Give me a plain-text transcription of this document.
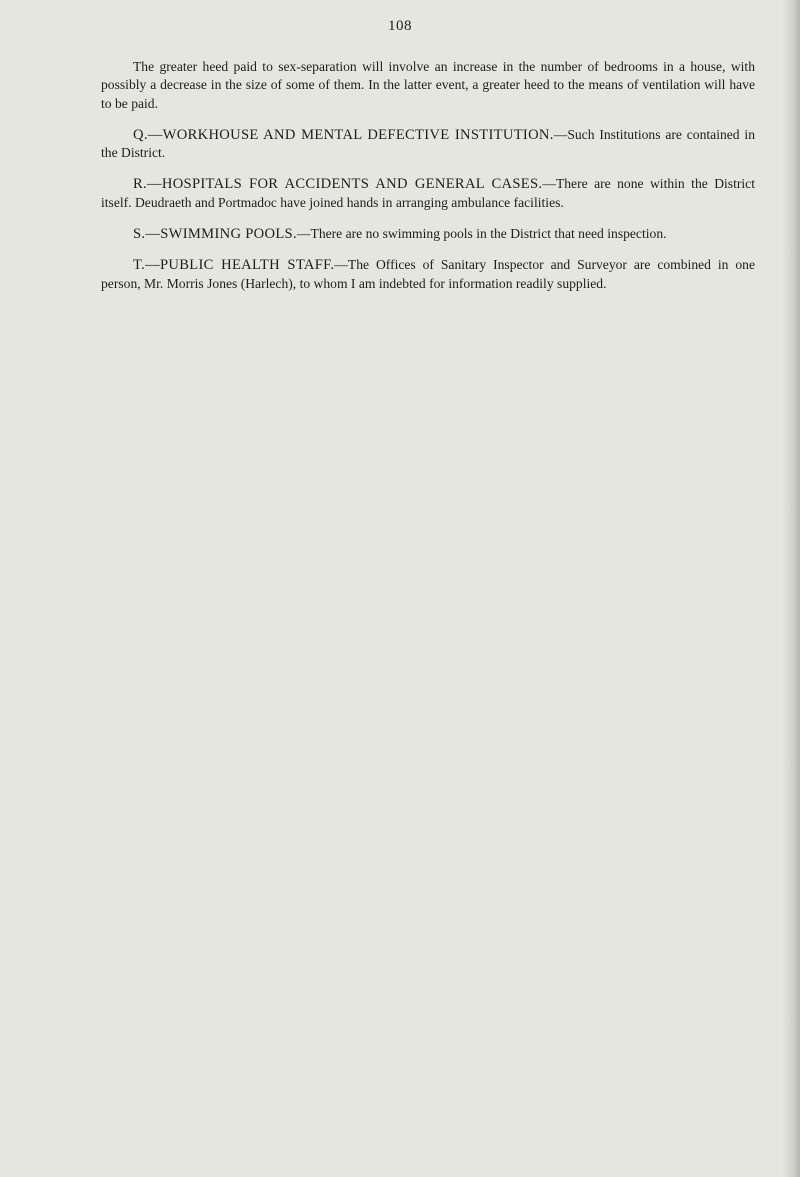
108

The greater heed paid to sex-separation will involve an increase in the number of bedrooms in a house, with possibly a decrease in the size of some of them. In the latter event, a greater heed to the means of ventilation will have to be paid.

Q.—WORKHOUSE AND MENTAL DEFECTIVE INSTITUTION.—Such Institutions are contained in the District.

R.—HOSPITALS FOR ACCIDENTS AND GENERAL CASES.—There are none within the District itself. Deudraeth and Portmadoc have joined hands in arranging ambulance facilities.

S.—SWIMMING POOLS.—There are no swimming pools in the District that need inspection.

T.—PUBLIC HEALTH STAFF.—The Offices of Sanitary Inspector and Surveyor are combined in one person, Mr. Morris Jones (Harlech), to whom I am indebted for information readily supplied.
